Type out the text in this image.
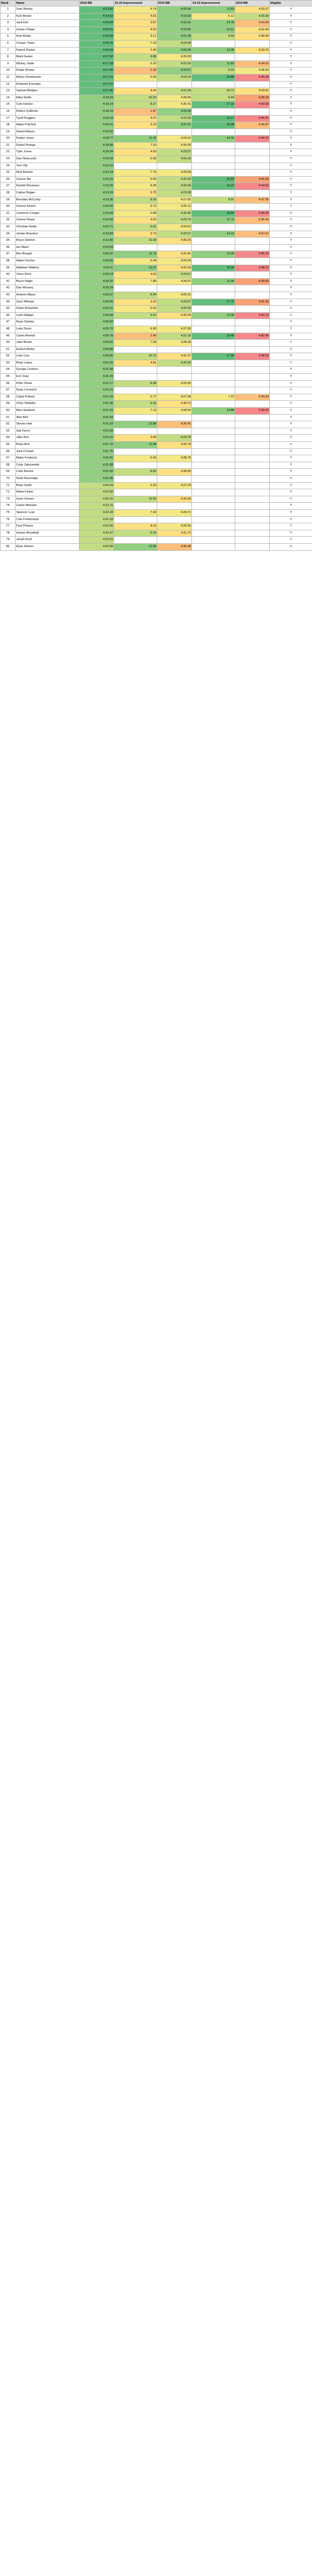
Rank	Name	2016 BB	15-16 Improvement	2015 BB	14-15 Improvement	2014 BB	Eligible
1	Sam Worley	4:13.80	6.74	4:20.54	12.83	4:33.37	Y
2	Kyle Brown	4:14.62	4.91	4:19.53	6.12	4:25.65	Y
3	Jack Kier	4:15.44	3.87	4:19.31	14.78	4:34.09	Y
4	Casey Clinger	4:15.91	4.02	4:19.93	12.51	4:32.44	Y
5	Kyle Brady	4:16.28	5.11	4:21.39	9.60	4:30.99	Y
6	Cooper Teare	4:16.76	7.33	4:24.09			Y
7	Patrick Parker	4:16.94	3.45	4:20.39	13.36	4:33.75	Y
8	Mark Gaiser	4:17.02	9.88	4:26.90			Y
9	Mickey Joslin	4:17.18	5.32	4:22.50	11.82	4:34.32	Y
10	Drake Kinney	4:17.49	2.18	4:19.67	8.93	4:28.60	Y
11	Ethan Christensen	4:17.51	6.65	4:24.16	20.88	4:45.04	Y
12	Roderick Fountain	4:17.57					Y
13	Samuel Bridges	4:17.86	4.44	4:22.30	10.71	4:33.01	Y
14	Elliot Smith	4:18.03	10.63	4:28.66	9.44	4:38.10	Y
15	Cole Hocker	4:18.14	8.27	4:26.41	17.19	4:43.60	Y
16	Robert Quillman	4:18.19	1.87	4:20.06			Y
17	Tyrell Ruggles	4:18.33	4.97	4:23.30	22.17	4:45.47	Y
18	Aidan Pritchett	4:18.41	3.10	4:21.51	15.36	4:36.87	Y
19	Daniel Mason	4:18.52					Y
20	Parker Jones	4:18.77	11.15	4:29.92	14.18	4:44.10	Y
21	Daniel Prange	4:18.80	7.20	4:26.00			Y
22	Tyler Jones	4:18.94	4.63	4:23.57			Y
23	Dan Newcomb	4:19.04	5.06	4:24.10			Y
24	Tom Vitz	4:19.10					Y
25	Nick Bowser	4:19.14	7.75	4:26.89			Y
26	Carson Bix	4:19.20	5.80	4:25.00	16.83	4:41.83	Y
27	Rashid Moussavi	4:19.25	6.35	4:25.60	19.22	4:44.82	Y
28	Callum Bolger	4:19.33	3.75	4:23.08			Y
29	Brendan McCurdy	4:19.36	8.29	4:27.65	9.91	4:37.56	Y
30	Connor Kamm	4:19.40	6.72	4:26.12			Y
31	Cameron Cooper	4:19.58	5.88	4:25.46	20.59	4:46.05	Y
32	Connor Royer	4:19.68	4.02	4:23.70	12.73	4:36.43	Y
33	Christian Noble	4:19.71	9.91	4:29.62			Y
34	Jordan Brandon	4:19.84	3.73	4:23.57	14.10	4:37.67	Y
35	Bryce Dietrich	4:19.86	10.39	4:30.25			Y
36	Ian Mann	4:19.93					Y
37	Ben Brogan	4:20.02	11.79	4:31.81	13.39	4:45.20	Y
38	Adam Fischer	4:20.06	6.49	4:26.55			Y
39	Matthew Watkins	4:20.11	12.07	4:32.18	16.04	4:48.22	Y
40	Vince Dent	4:20.14	4.53	4:24.67			Y
41	Bryce Nagle	4:20.22	7.85	4:28.07	11.48	4:39.55	Y
42	Dan Mooney	4:20.29					Y
43	Andrew Mayer	4:20.37	8.94	4:29.31			Y
44	Zach Whelan	4:20.45	3.22	4:23.67	17.75	4:41.42	Y
45	Dylan Brownlow	4:20.51	5.02	4:25.53			Y
46	Liam Gilligan	4:20.58	9.47	4:30.05	12.08	4:42.13	Y
47	Ryan Stanley	4:20.62					Y
48	Luke Dixon	4:20.70	6.90	4:27.60			Y
49	Carter Ahmed	4:20.78	2.40	4:23.18	19.48	4:42.66	Y
50	Jake Brown	4:20.81	7.58	4:28.39			Y
51	Eamon Burke	4:20.88					Y
52	Luke Lisa	4:20.95	10.12	4:31.07	17.56	4:48.63	Y
53	Brian Lopez	4:21.02	4.81	4:25.83			Y
54	George Cordero	4:21.08					Y
55	Eric Gray	4:21.15					Y
56	Peter Dinan	4:21.17	8.08	4:29.25			Y
57	Ryan Lorenzen	4:21.21					Y
58	Caleb Pollard	4:21.29	5.77	4:27.06	7.37	4:34.43	Y
59	Chris Tebbetts	4:21.36	9.36	4:30.72			Y
60	Max Haviland	4:21.42	7.12	4:28.54	14.88	4:43.42	Y
61	Alex Bell	4:21.44					Y
62	Steven Hart	4:21.53	13.88	4:35.41			Y
63	Zak Karns	4:21.60					Y
64	Jake Roe	4:21.62	3.08	4:24.70			Y
65	Brian Arnt	4:21.70	11.08	4:32.78			Y
66	Jack Crowell	4:21.75					Y
67	Blake Frederick	4:21.81	6.94	4:28.75			Y
68	Cody Zakrzewski	4:21.88					Y
69	Colin Bennie	4:21.93	8.62	4:30.55			Y
70	Noah Beveridge	4:21.96					Y
71	Brian Smith	4:22.04	5.20	4:27.24			Y
72	Nolan Fisher	4:22.09					Y
73	Isaac Grimes	4:22.16	10.50	4:32.66			Y
74	Carter Wheeler	4:22.21					Y
75	Spencer Lusk	4:22.28	7.43	4:29.71			Y
76	Cole Fredrickson	4:22.33					Y
77	Paul Pistone	4:22.40	4.16	4:26.56			Y
78	Hunter Woodhall	4:22.47	9.25	4:31.72			Y
79	Jonah Koch	4:22.51					Y
80	Ryan Nelson	4:22.58	12.90	4:35.48			Y
